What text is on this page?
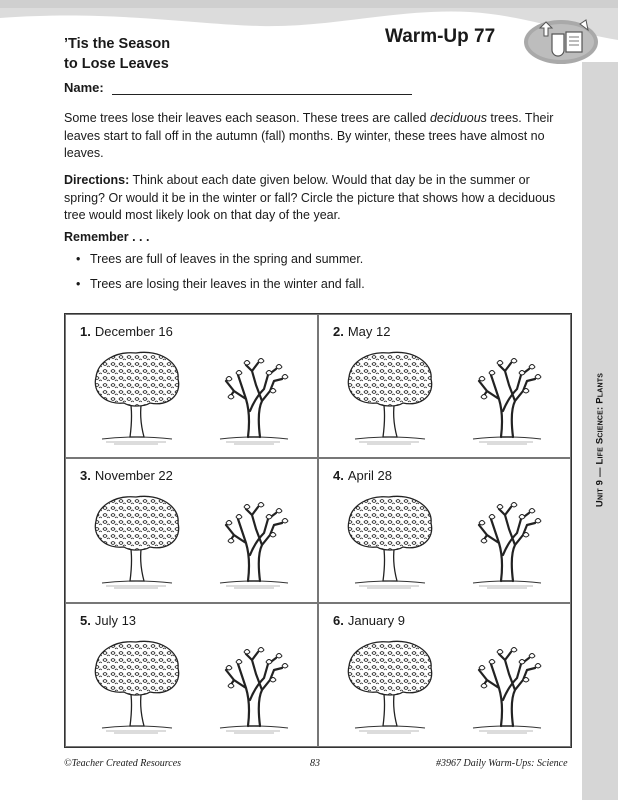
Unit 9 — Life Science: Plants
’Tis the Season
to Lose Leaves
Warm-Up 77
Name:

Some trees lose their leaves each season. These trees are called deciduous trees. Their leaves start to fall off in the autumn (fall) months. By winter, these trees have almost no leaves.

Directions: Think about each date given below. Would that day be in the summer or spring? Or would it be in the winter or fall? Circle the picture that shows how a deciduous tree would most likely look on that day of the year.

Remember . . .
• Trees are full of leaves in the spring and summer.
• Trees are losing their leaves in the winter and fall.
1. December 16	2. May 12
3. November 22	4. April 28
5. July 13	6. January 9
©Teacher Created Resources	83	#3967 Daily Warm-Ups: Science
